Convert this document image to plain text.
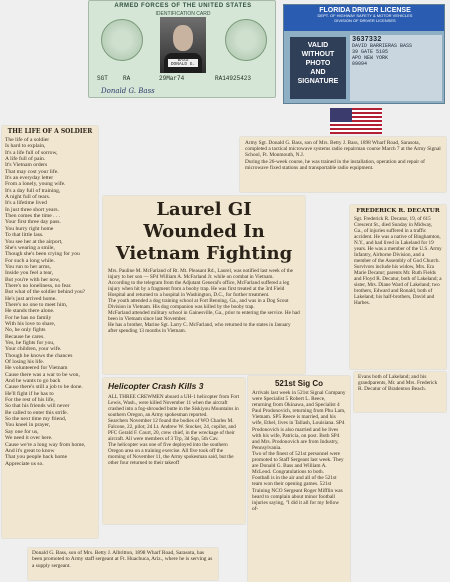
ARMED FORCES OF THE UNITED STATES
IDENTIFICATION CARD
BASS
DONALD G.
SGT	RA	29Mar74	RA14925423
Donald G. Bass
FLORIDA DRIVER LICENSE
DEPT. OF HIGHWAY SAFETY & MOTOR VEHICLES
DIVISION OF DRIVER LICENSES
VALID
WITHOUT
PHOTO
AND
SIGNATURE
3637332
DAVID BARRIERAS BASS
39 GATE 5105
APO NEW YORK
09094

THE LIFE OF A SOLDIER

The life of a soldier
Is hard to explain,
It's a life full of sorrow,
A life full of pain.
It's Vietnam orders
That may cost your life.
It's an everyday letter
From a lonely, young wife.
It's a day full of training,
A night full of tears.
It's a lifetime lived
In just three short years.
Then comes the time . . .
Your first three day pass.
You hurry right home
To that little lass.
You see her at the airport,
She's wearing a smile,
Though she's been crying for you
For such a long while.
You run to her arms,
Inside you feel a tear,
But you're with her now,
There's no loneliness, no fear.
But what of the soldier behind you?
He's just arrived home.
There's no one to meet him,
He stands there alone.
For he has no family
With his love to share,
No, he only fights
Because he cares.
Yes, he fights for you,
Your children, your wife.
Though he knows the chances
Of losing his life.
He volunteered for Vietnam
Cause there was a war to be won,
And he wants to go back
Cause there's still a job to be done.
He'll fight if he has to
For the rest of his life,
So that his friends will never
Be called to enter this strife.
So the next time my friend,
You kneel in prayer,
Say one for us,
We need it over here.
Cause we're a long way from home,
And it's great to know
That you people back home
Appreciate us so.

Army Sgt. Donald G. Bass, son of Mrs. Betty J. Bass, 1898 Wharf Road, Sarasota, completed a tactical microwave systems radio repairman course March 7 at the Army Signal School, Ft. Monmouth, N.J.
During the 26-week course, he was trained in the installation, operation and repair of microwave fixed stations and transportable radio equipment.

Laurel GI Wounded In Vietnam Fighting

Mrs. Pauline M. McFarland of Rt. Mt. Pleasant Rd., Laurel, was notified last week of the injury to her son — SP4 William A. McFarland Jr. while on combat in Vietnam.
According to the telegram from the Adjutant General's office, McFarland suffered a leg injury when hit by a fragment from a booby trap. He was first treated at the 3rd Field Hospital and returned to a hospital in Washington, D.C., for further treatment.
The youth attended a dog training school at Fort Benning, Ga., and was in a Dog Scout Division in Vietnam. His dog companion was killed by the booby trap.
McFarland attended military school in Gainesville, Ga., prior to entering the service. He had been in Vietnam since last November.
He has a brother, Marine Sgt. Larry C. McFarland, who returned to the states in January after spending 13 months in Vietnam.

FREDERICK R. DECATUR

Sgt. Frederick R. Decatur, 19, of 615 Crescent St., died Sunday in Midway, Ga., of injuries suffered in a traffic accident. He was a native of Binghamton, N.Y., and had lived in Lakeland for 19 years. He was a member of the U.S. Army Infantry, Airborne Division, and a member of the Assembly of God Church.
Survivors include his widow, Mrs. Era Marie Decatur; parents Mr. Ruth Fields and Floyd R. Decatur, both of Lakeland; a sister, Mrs. Diane Ward of Lakeland; two brothers, Edward and Ronald, both of Lakeland; his half-brothers, David and Harbes.

Evans both of Lakeland; and his grandparents, Mr. and Mrs. Frederick R. Decatur of Bradenton Beach.

Helicopter Crash Kills 3

ALL THREE CREWMEN aboard a UH-1 helicopter from Fort Lewis, Wash., were killed November 11 when the aircraft crashed into a fog-shrouded butte in the Siskiyou Mountains in southern Oregon, an Army spokesman reported.
Searchers November 12 found the bodies of WO Charles M. Falcone, 22, pilot; 2d Lt. Andrew W. Stocker, 24, copilot, and PFC Gerald F. Court, 20, crew chief, in the wreckage of their aircraft. All were members of 3 Trp, 3d Sqn, 5th Cav.
The helicopter was one of five deployed into the southern Oregon area on a training exercise. All five took off the morning of November 11, the Army spokesman said, but the other four returned to their takeoff

521st Sig Co

Arrivals last week in 521st Signal Company were Specialist 5 Robert L. Reece, returning from Okinawa, and Specialist 4 Paul Prodonovich, returning from Phu Lam, Vietnam. SP5 Reece is married, and his wife, Ethel, lives in Tallash, Louisiana. SP4 Prodonovich is also married and he lives with his wife, Patricia, on post. Both SP4 and Mrs. Prodonovich are from Industry, Pennsylvania.
Two of the finest of 521st personnel were promoted to Staff Sergeant last week. They are Donald G. Bass and William A. McLeod. Congratulations to both.
Football is in the air and all of the 521st team won their opening games. 521st Training NCO Sergeant Roger Mifflin was heard to complain about minor football injuries saying, "I did it all for my fellow of-

Donald G. Bass, son of Mrs. Betty J. Albritton, 1898 Wharf Road, Sarasota, has been promoted to Army staff sergeant at Ft. Huachuca, Ariz., where he is serving as a supply sergeant.
